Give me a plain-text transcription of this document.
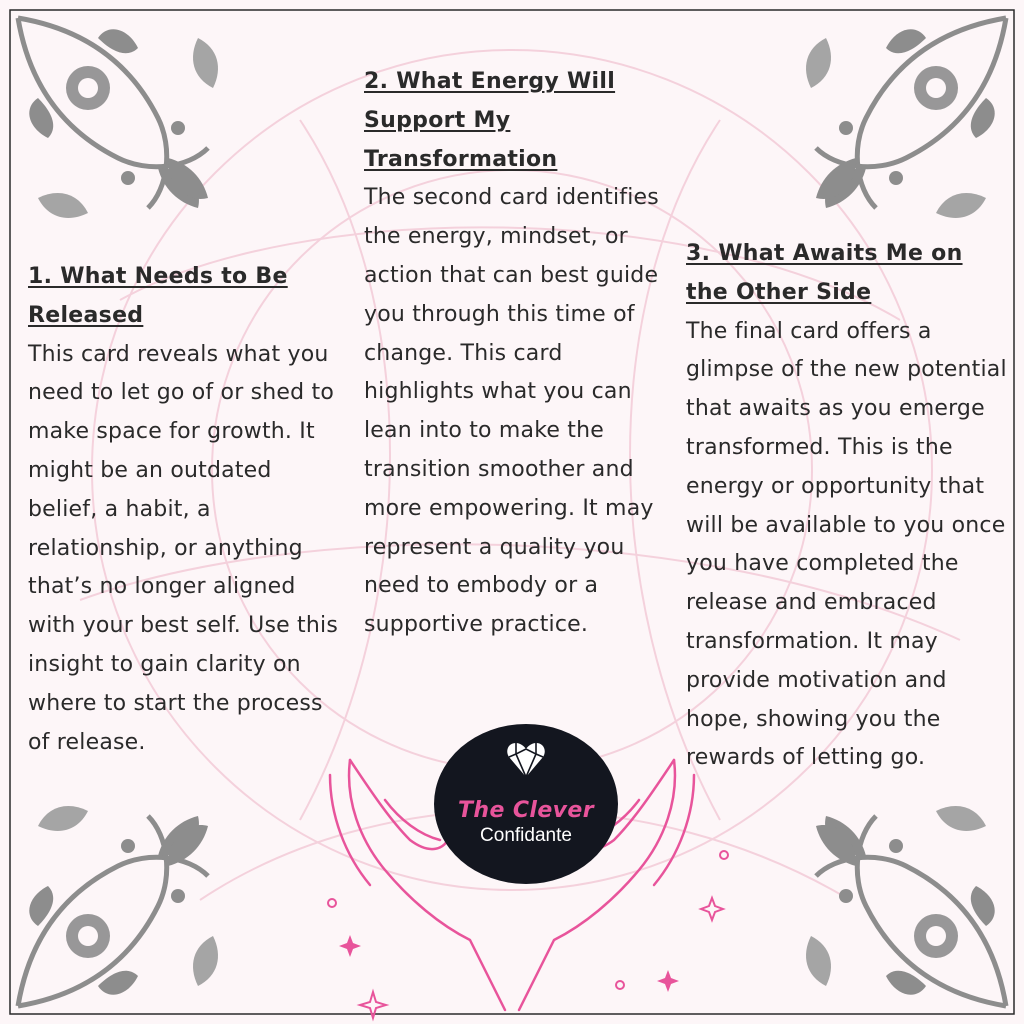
1. What Needs to Be Released

This card reveals what you need to let go of or shed to make space for growth. It might be an outdated belief, a habit, a relationship, or anything that’s no longer aligned with your best self. Use this insight to gain clarity on where to start the process of release.

2. What Energy Will Support My Transformation

The second card identifies the energy, mindset, or action that can best guide you through this time of change. This card highlights what you can lean into to make the transition smoother and more empowering. It may represent a quality you need to embody or a supportive practice.

3. What Awaits Me on the Other Side

The final card offers a glimpse of the new potential that awaits as you emerge transformed. This is the energy or opportunity that will be available to you once you have completed the release and embraced transformation. It may provide motivation and hope, showing you the rewards of letting go.

The Clever
Confidante
